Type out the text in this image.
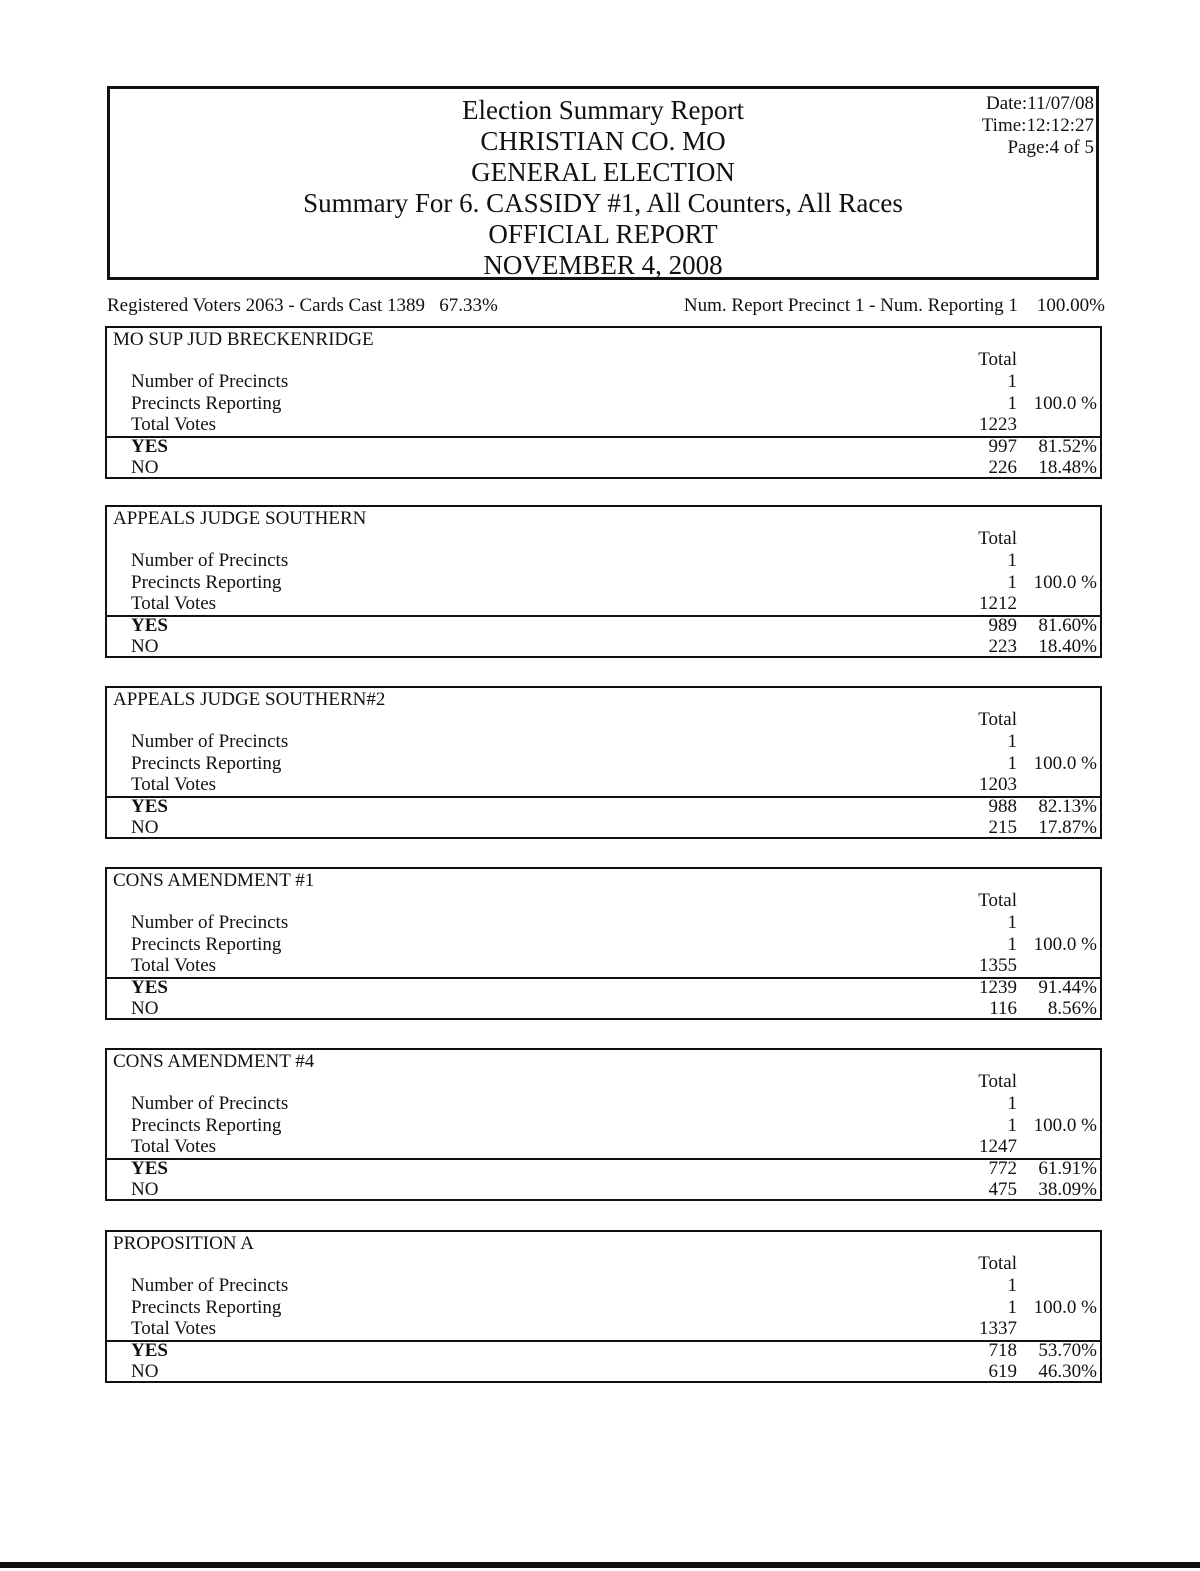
Election Summary Report
CHRISTIAN CO. MO
GENERAL ELECTION
Summary For 6. CASSIDY #1, All Counters, All Races
OFFICIAL REPORT
NOVEMBER 4, 2008
Date:11/07/08
Time:12:12:27
Page:4 of 5
Registered Voters 2063 - Cards Cast 1389   67.33%	Num. Report Precinct 1 - Num. Reporting 1    100.00%
MO SUP JUD BRECKENRIDGE
Total
Number of Precincts	1
Precincts Reporting	1 100.0 %
Total Votes	1223
YES	997	81.52%
NO	226	18.48%
APPEALS JUDGE SOUTHERN
Total
Number of Precincts	1
Precincts Reporting	1 100.0 %
Total Votes	1212
YES	989	81.60%
NO	223	18.40%
APPEALS JUDGE SOUTHERN#2
Total
Number of Precincts	1
Precincts Reporting	1 100.0 %
Total Votes	1203
YES	988	82.13%
NO	215	17.87%
CONS AMENDMENT #1
Total
Number of Precincts	1
Precincts Reporting	1 100.0 %
Total Votes	1355
YES	1239	91.44%
NO	116	8.56%
CONS AMENDMENT #4
Total
Number of Precincts	1
Precincts Reporting	1 100.0 %
Total Votes	1247
YES	772	61.91%
NO	475	38.09%
PROPOSITION A
Total
Number of Precincts	1
Precincts Reporting	1 100.0 %
Total Votes	1337
YES	718	53.70%
NO	619	46.30%
